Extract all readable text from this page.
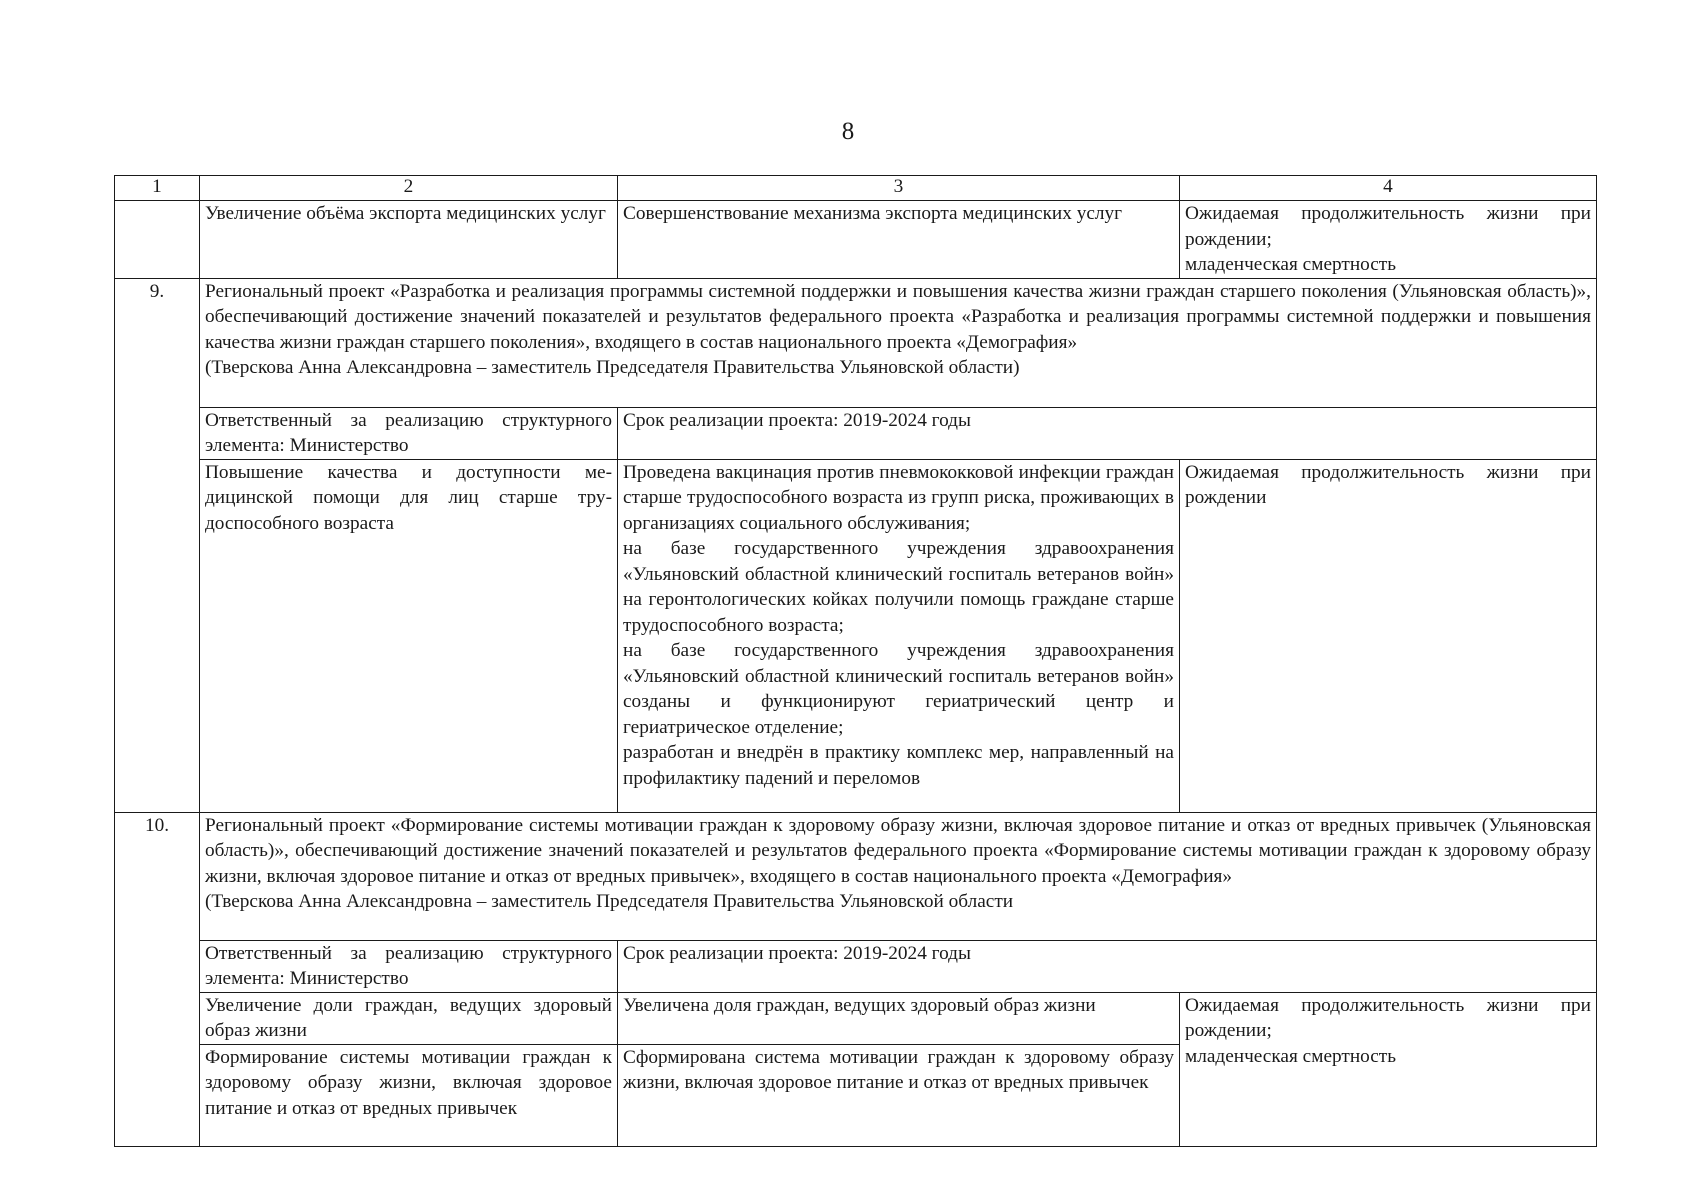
8
1	2	3	4
	Увеличение объёма экспорта медицинских услуг	Совершенствование механизма экспорта медицинских услуг	Ожидаемая продолжительность жизни при рождении;
младенческая смертность

9.	Региональный проект «Разработка и реализация программы системной поддержки и повышения качества жизни граждан старшего поколения (Ульяновская область)», обеспечивающий достижение значений показателей и результатов федерального проекта «Разработка и реализация программы системной поддержки и повышения качества жизни граждан старшего поколения», входящего в состав национального проекта «Демография»
(Тверскова Анна Александровна – заместитель Председателя Правительства Ульяновской области)		

	Ответственный за реализацию структурного элемента: Министерство	Срок реализации проекта: 2019-2024 годы	
	Повышение качества и доступности медицинской помощи для лиц старше трудоспособного возраста	Проведена вакцинация против пневмококковой инфекции граждан старше трудоспособного возраста из групп риска, проживающих в организациях социального обслуживания;
на базе государственного учреждения здравоохранения «Ульяновский областной клинический госпиталь ветеранов войн» на геронтологических койках получили помощь граждане старше трудоспособного возраста;
на базе государственного учреждения здравоохранения «Ульяновский областной клинический госпиталь ветеранов войн» созданы и функционируют гериатрический центр и гериатрическое отделение;
разработан и внедрён в практику комплекс мер, направленный на профилактику падений и переломов	Ожидаемая продолжительность жизни при рождении
10.	Региональный проект «Формирование системы мотивации граждан к здоровому образу жизни, включая здоровое питание и отказ от вредных привычек (Ульяновская область)», обеспечивающий достижение значений показателей и результатов федерального проекта «Формирование системы мотивации граждан к здоровому образу жизни, включая здоровое питание и отказ от вредных привычек», входящего в состав национального проекта «Демография»
(Тверскова Анна Александровна – заместитель Председателя Правительства Ульяновской области		

	Ответственный за реализацию структурного элемента: Министерство	Срок реализации проекта: 2019-2024 годы	
	Увеличение доли граждан, ведущих здоровый образ жизни	Увеличена доля граждан, ведущих здоровый образ жизни	Ожидаемая продолжительность жизни при рождении;
младенческая смертность

	Формирование системы мотивации граждан к здоровому образу жизни, включая здоровое питание и отказ от вредных привычек	Сформирована система мотивации граждан к здоровому образу жизни, включая здоровое питание и отказ от вредных привычек	
